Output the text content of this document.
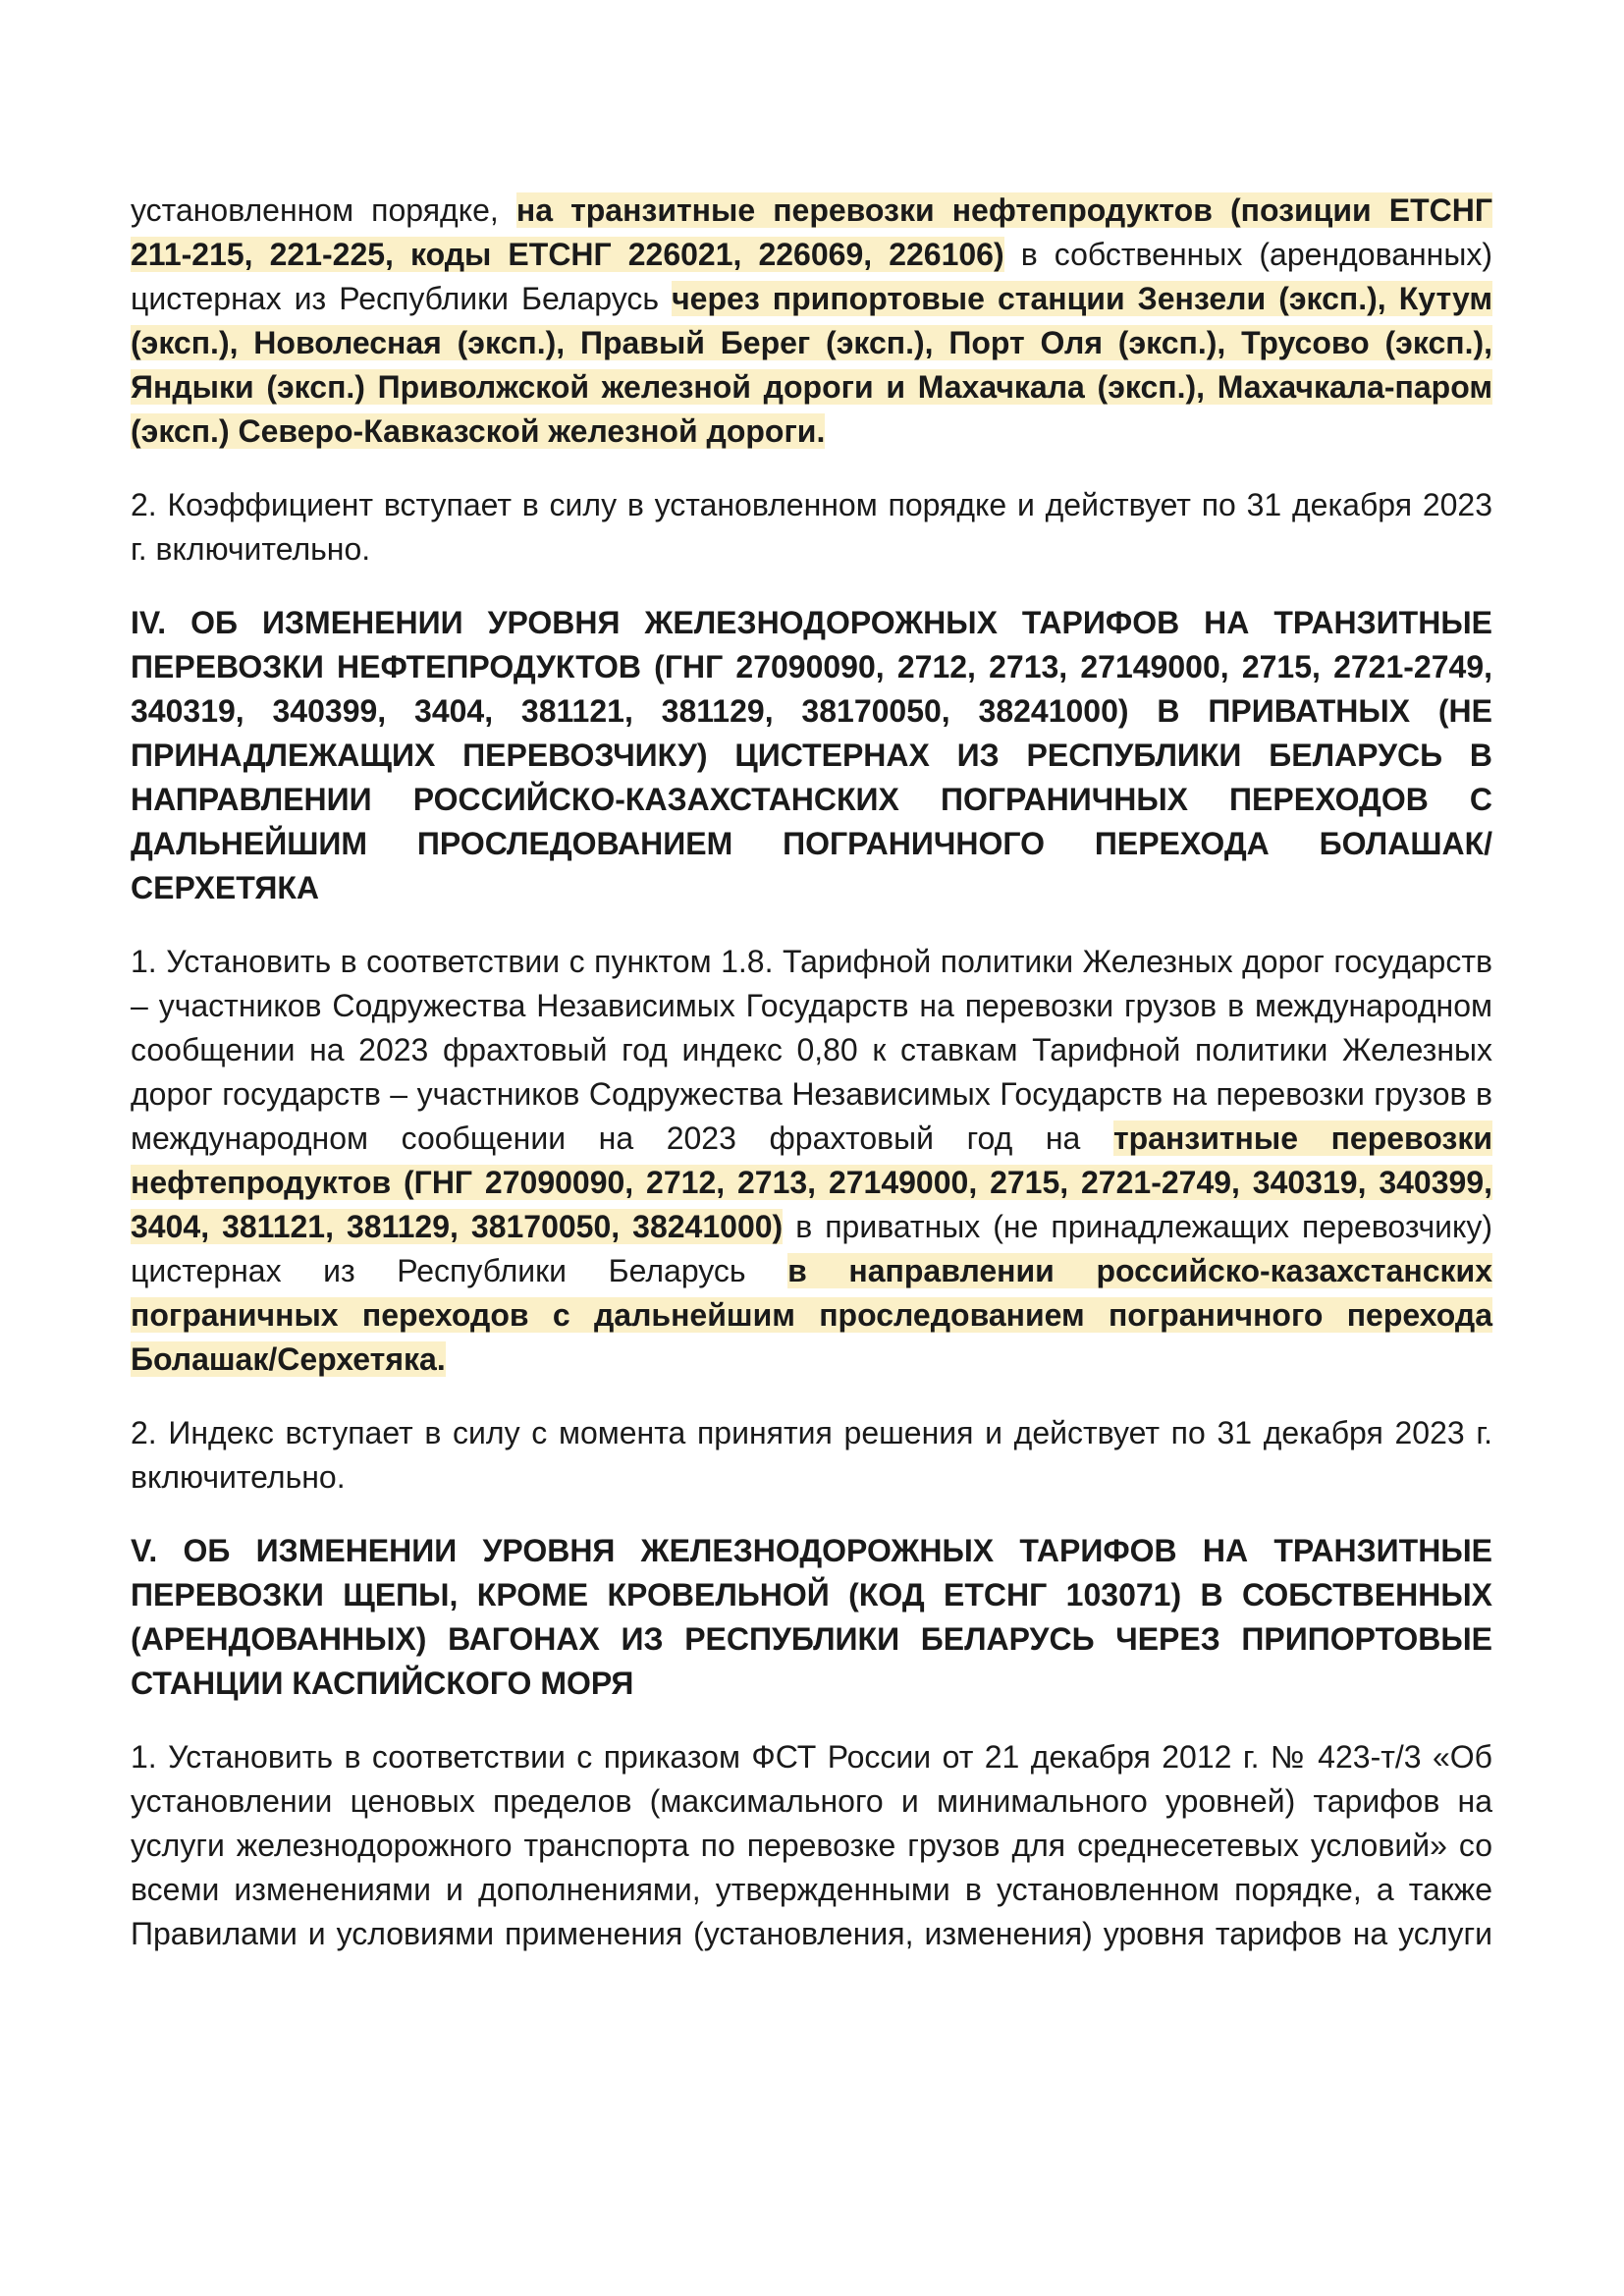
установленном порядке, на транзитные перевозки нефтепродуктов (позиции ЕТСНГ 211-215, 221-225, коды ЕТСНГ 226021, 226069, 226106) в собственных (арендованных) цистернах из Республики Беларусь через припортовые станции Зензели (эксп.), Кутум (эксп.), Новолесная (эксп.), Правый Берег (эксп.), Порт Оля (эксп.), Трусово (эксп.), Яндыки (эксп.) Приволжской железной дороги и Махачкала (эксп.), Махачкала-паром (эксп.) Северо-Кавказской железной дороги.

2. Коэффициент вступает в силу в установленном порядке и действует по 31 декабря 2023 г. включительно.

IV. ОБ ИЗМЕНЕНИИ УРОВНЯ ЖЕЛЕЗНОДОРОЖНЫХ ТАРИФОВ НА ТРАНЗИТНЫЕ ПЕРЕВОЗКИ НЕФТЕПРОДУКТОВ (ГНГ 27090090, 2712, 2713, 27149000, 2715, 2721-2749, 340319, 340399, 3404, 381121, 381129, 38170050, 38241000) В ПРИВАТНЫХ (НЕ ПРИНАДЛЕЖАЩИХ ПЕРЕВОЗЧИКУ) ЦИСТЕРНАХ ИЗ РЕСПУБЛИКИ БЕЛАРУСЬ В НАПРАВЛЕНИИ РОССИЙСКО-КАЗАХСТАНСКИХ ПОГРАНИЧНЫХ ПЕРЕХОДОВ С ДАЛЬНЕЙШИМ ПРОСЛЕДОВАНИЕМ ПОГРАНИЧНОГО ПЕРЕХОДА БОЛАШАК/СЕРХЕТЯКА

1. Установить в соответствии с пунктом 1.8. Тарифной политики Железных дорог государств – участников Содружества Независимых Государств на перевозки грузов в международном сообщении на 2023 фрахтовый год индекс 0,80 к ставкам Тарифной политики Железных дорог государств – участников Содружества Независимых Государств на перевозки грузов в международном сообщении на 2023 фрахтовый год на транзитные перевозки нефтепродуктов (ГНГ 27090090, 2712, 2713, 27149000, 2715, 2721-2749, 340319, 340399, 3404, 381121, 381129, 38170050, 38241000) в приватных (не принадлежащих перевозчику) цистернах из Республики Беларусь в направлении российско-казахстанских пограничных переходов с дальнейшим проследованием пограничного перехода Болашак/Серхетяка.

2. Индекс вступает в силу с момента принятия решения и действует по 31 декабря 2023 г. включительно.

V. ОБ ИЗМЕНЕНИИ УРОВНЯ ЖЕЛЕЗНОДОРОЖНЫХ ТАРИФОВ НА ТРАНЗИТНЫЕ ПЕРЕВОЗКИ ЩЕПЫ, КРОМЕ КРОВЕЛЬНОЙ (КОД ЕТСНГ 103071) В СОБСТВЕННЫХ (АРЕНДОВАННЫХ) ВАГОНАХ ИЗ РЕСПУБЛИКИ БЕЛАРУСЬ ЧЕРЕЗ ПРИПОРТОВЫЕ СТАНЦИИ КАСПИЙСКОГО МОРЯ

1. Установить в соответствии с приказом ФСТ России от 21 декабря 2012 г. № 423-т/3 «Об установлении ценовых пределов (максимального и минимального уровней) тарифов на услуги железнодорожного транспорта по перевозке грузов для среднесетевых условий» со всеми изменениями и дополнениями, утвержденными в установленном порядке, а также Правилами и условиями применения (установления, изменения) уровня тарифов на услуги
